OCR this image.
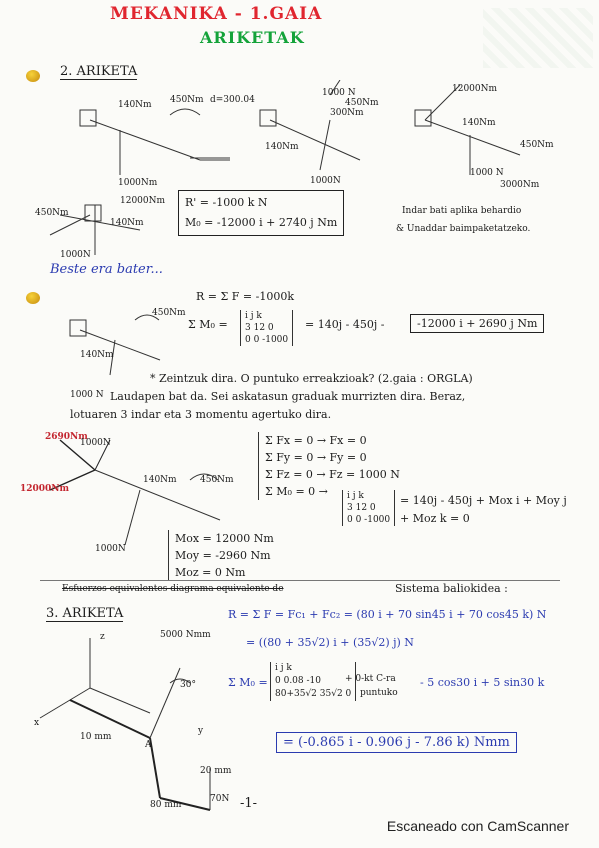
MEKANIKA - 1.GAIA
ARIKETAK
2. ARIKETA
140Nm 450Nm d=300.04
1000Nm
1000 N
300Nm
450Nm
140Nm
1000N
12000Nm
140Nm
450Nm
1000 N
3000Nm
450Nm
12000Nm
140Nm
1000N
R' = -1000 k N
M₀ = -12000 i + 2740 j Nm
Indar bati aplika behardio
& Unaddar baimpaketatzeko.
Beste era bater...
R = Σ F = -1000k
Σ M₀ =
i j k
3 12 0
0 0 -1000
= 140j - 450j -	-12000 i + 2690 j Nm
450Nm
140Nm
1000 N
* Zeintzuk dira. O puntuko erreakzioak? (2.gaia : ORGLA)
Laudapen bat da. Sei askatasun graduak murrizten dira. Beraz,
lotuaren 3 indar eta 3 momentu agertuko dira.
2690Nm
1000N
12000Nm
140Nm	450Nm
1000N
Σ Fx = 0 → Fx = 0
Σ Fy = 0 → Fy = 0
Σ Fz = 0 → Fz = 1000 N
Σ M₀ = 0 →	i j k
3 12 0
0 0 -1000
= 140j - 450j + Mox i + Moy j
+ Moz k = 0
Mox = 12000 Nm
Moy = -2960 Nm
Moz = 0 Nm
Esfuerzos equivalentes diagrama equivalente de	Sistema baliokidea :
3. ARIKETA	R = Σ F = Fc₁ + Fc₂ = (80 i + 70 sin45 i + 70 cos45 k) N
= ((80 + 35√2) i + (35√2) j) N
Σ M₀ =
i j k
0 0.08 -10
80+35√2 35√2 0
+ 0-kt C-ra
puntuko
- 5 cos30 i + 5 sin30 k
= (-0.865 i - 0.906 j - 7.86 k) Nmm
z
x
y
5000 Nmm
30°
10 mm
A
20 mm
80 mm
70N -1-
Escaneado con CamScanner
